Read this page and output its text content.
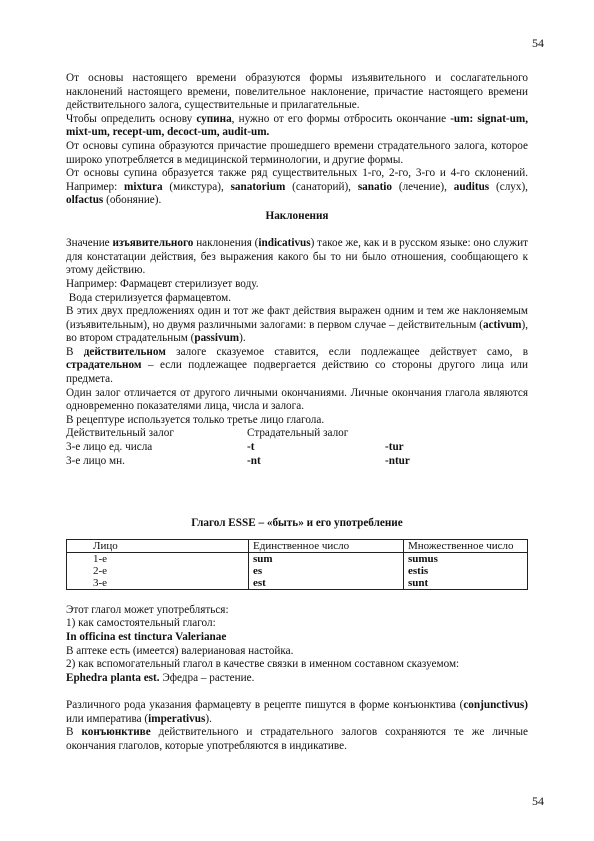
54

От основы настоящего времени образуются формы изъявительного и сослагательного наклонений настоящего времени, повелительное наклонение, причастие настоящего времени действительного залога, существительные и прилагательные.

Чтобы определить основу супина, нужно от его формы отбросить окончание -um: signat-um, mixt-um, recept-um, decoct-um, audit-um.

От основы супина образуются причастие прошедшего времени страдательного залога, которое широко употребляется в медицинской терминологии, и другие формы.

От основы супина образуется также ряд существительных 1-го, 2-го, 3-го и 4-го склонений. Например: mixtura (микстура), sanatorium (санаторий), sanatio (лечение), auditus (слух), olfactus (обоняние).

Наклонения

Значение изъявительного наклонения (indicativus) такое же, как и в русском языке: оно служит для констатации действия, без выражения какого бы то ни было отношения, сообщающего к этому действию.

Например: Фармацевт стерилизует воду.

Вода стерилизуется фармацевтом.

В этих двух предложениях один и тот же факт действия выражен одним и тем же наклоняемым (изъявительным), но двумя различными залогами: в первом случае – действительным (activum), во втором страдательным (passivum).

В действительном залоге сказуемое ставится, если подлежащее действует само, в страдательном – если подлежащее подвергается действию со стороны другого лица или предмета.

Один залог отличается от другого личными окончаниями. Личные окончания глагола являются одновременно показателями лица, числа и залога.

В рецептуре используется только третье лицо глагола.

Действительный залог	Страдательный залог
3-е лицо ед. числа	-t	-tur
3-е лицо мн.	-nt	-ntur

Глагол ESSE – «быть» и его употребление

Лицо	Единственное число	Множественное число
1-е	sum	sumus
2-е	es	estis
3-е	est	sunt

Этот глагол может употребляться:

1) как самостоятельный глагол:

In officina est tinctura Valerianae

В аптеке есть (имеется) валериановая настойка.

2) как вспомогательный глагол в качестве связки в именном составном сказуемом:

Ephedra planta est. Эфедра – растение.

Различного рода указания фармацевту в рецепте пишутся в форме конъюнктива (conjunctivus) или императива (imperativus).

В конъюнктиве действительного и страдательного залогов сохраняются те же личные окончания глаголов, которые употребляются в индикативе.

54
